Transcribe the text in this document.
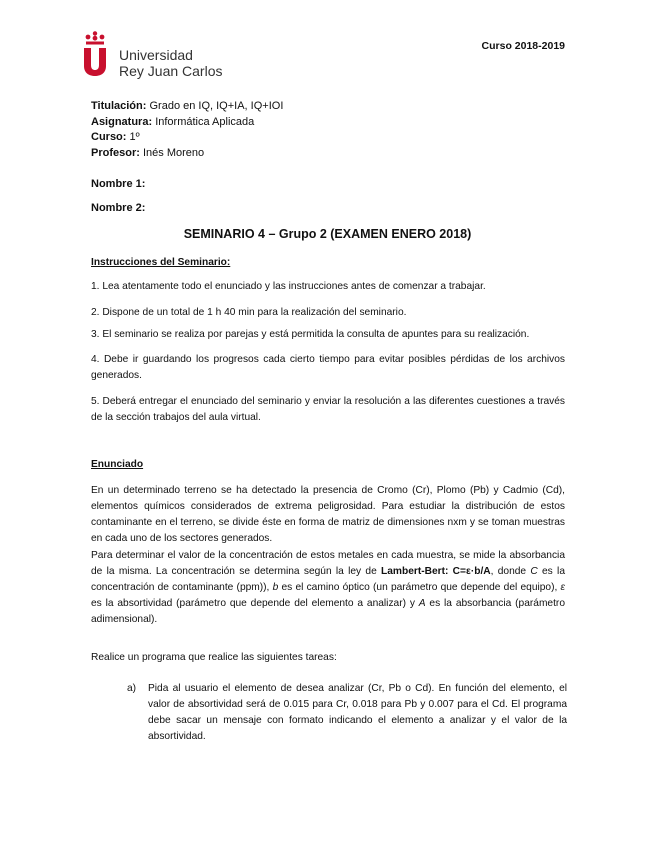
Universidad
Rey Juan Carlos
Curso 2018-2019
Titulación: Grado en IQ, IQ+IA, IQ+IOI
Asignatura: Informática Aplicada
Curso: 1º
Profesor: Inés Moreno
Nombre 1:
Nombre 2:
SEMINARIO 4 – Grupo 2 (EXAMEN ENERO 2018)
Instrucciones del Seminario:
1. Lea atentamente todo el enunciado y las instrucciones antes de comenzar a trabajar.
2. Dispone de un total de 1 h 40 min para la realización del seminario.
3. El seminario se realiza por parejas y está permitida la consulta de apuntes para su realización.
4. Debe ir guardando los progresos cada cierto tiempo para evitar posibles pérdidas de los archivos generados.
5. Deberá entregar el enunciado del seminario y enviar la resolución a las diferentes cuestiones a través de la sección trabajos del aula virtual.
Enunciado
En un determinado terreno se ha detectado la presencia de Cromo (Cr), Plomo (Pb) y Cadmio (Cd), elementos químicos considerados de extrema peligrosidad. Para estudiar la distribución de estos contaminante en el terreno, se divide éste en forma de matriz de dimensiones nxm y se toman muestras en cada uno de los sectores generados.
Para determinar el valor de la concentración de estos metales en cada muestra, se mide la absorbancia de la misma. La concentración se determina según la ley de Lambert-Bert: C=ε·b/A, donde C es la concentración de contaminante (ppm)), b es el camino óptico (un parámetro que depende del equipo), ε es la absortividad (parámetro que depende del elemento a analizar) y A es la absorbancia (parámetro adimensional).
Realice un programa que realice las siguientes tareas:
a) Pida al usuario el elemento de desea analizar (Cr, Pb o Cd). En función del elemento, el valor de absortividad será de 0.015 para Cr, 0.018 para Pb y 0.007 para el Cd. El programa debe sacar un mensaje con formato indicando el elemento a analizar y el valor de la absortividad.
